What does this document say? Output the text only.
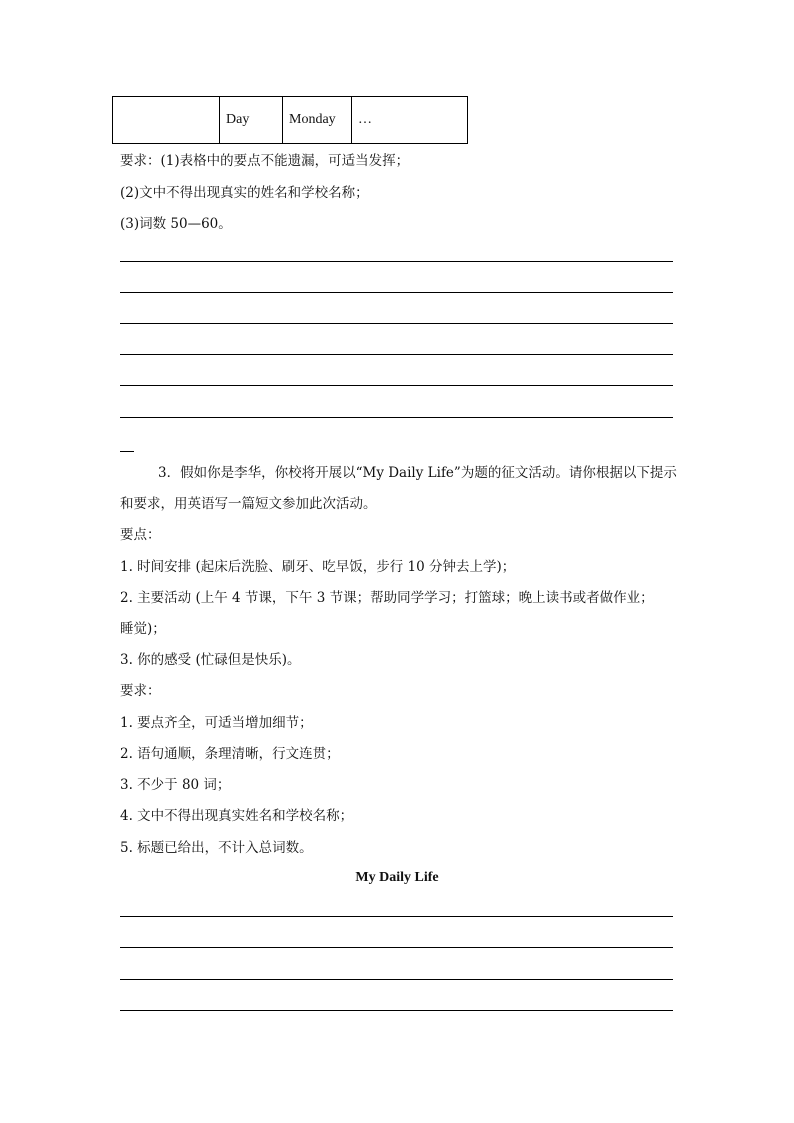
	Day	Monday	…
要求：(1)表格中的要点不能遗漏，可适当发挥；
(2)文中不得出现真实的姓名和学校名称；
(3)词数 50—60。
3．假如你是李华，你校将开展以“My Daily Life”为题的征文活动。请你根据以下提示
和要求，用英语写一篇短文参加此次活动。
要点：
1. 时间安排 (起床后洗脸、刷牙、吃早饭，步行 10 分钟去上学)；
2. 主要活动 (上午 4 节课，下午 3 节课；帮助同学学习；打篮球；晚上读书或者做作业；
睡觉)；
3. 你的感受 (忙碌但是快乐)。
要求：
1. 要点齐全，可适当增加细节；
2. 语句通顺，条理清晰，行文连贯；
3. 不少于 80 词；
4. 文中不得出现真实姓名和学校名称；
5. 标题已给出，不计入总词数。
My Daily Life
